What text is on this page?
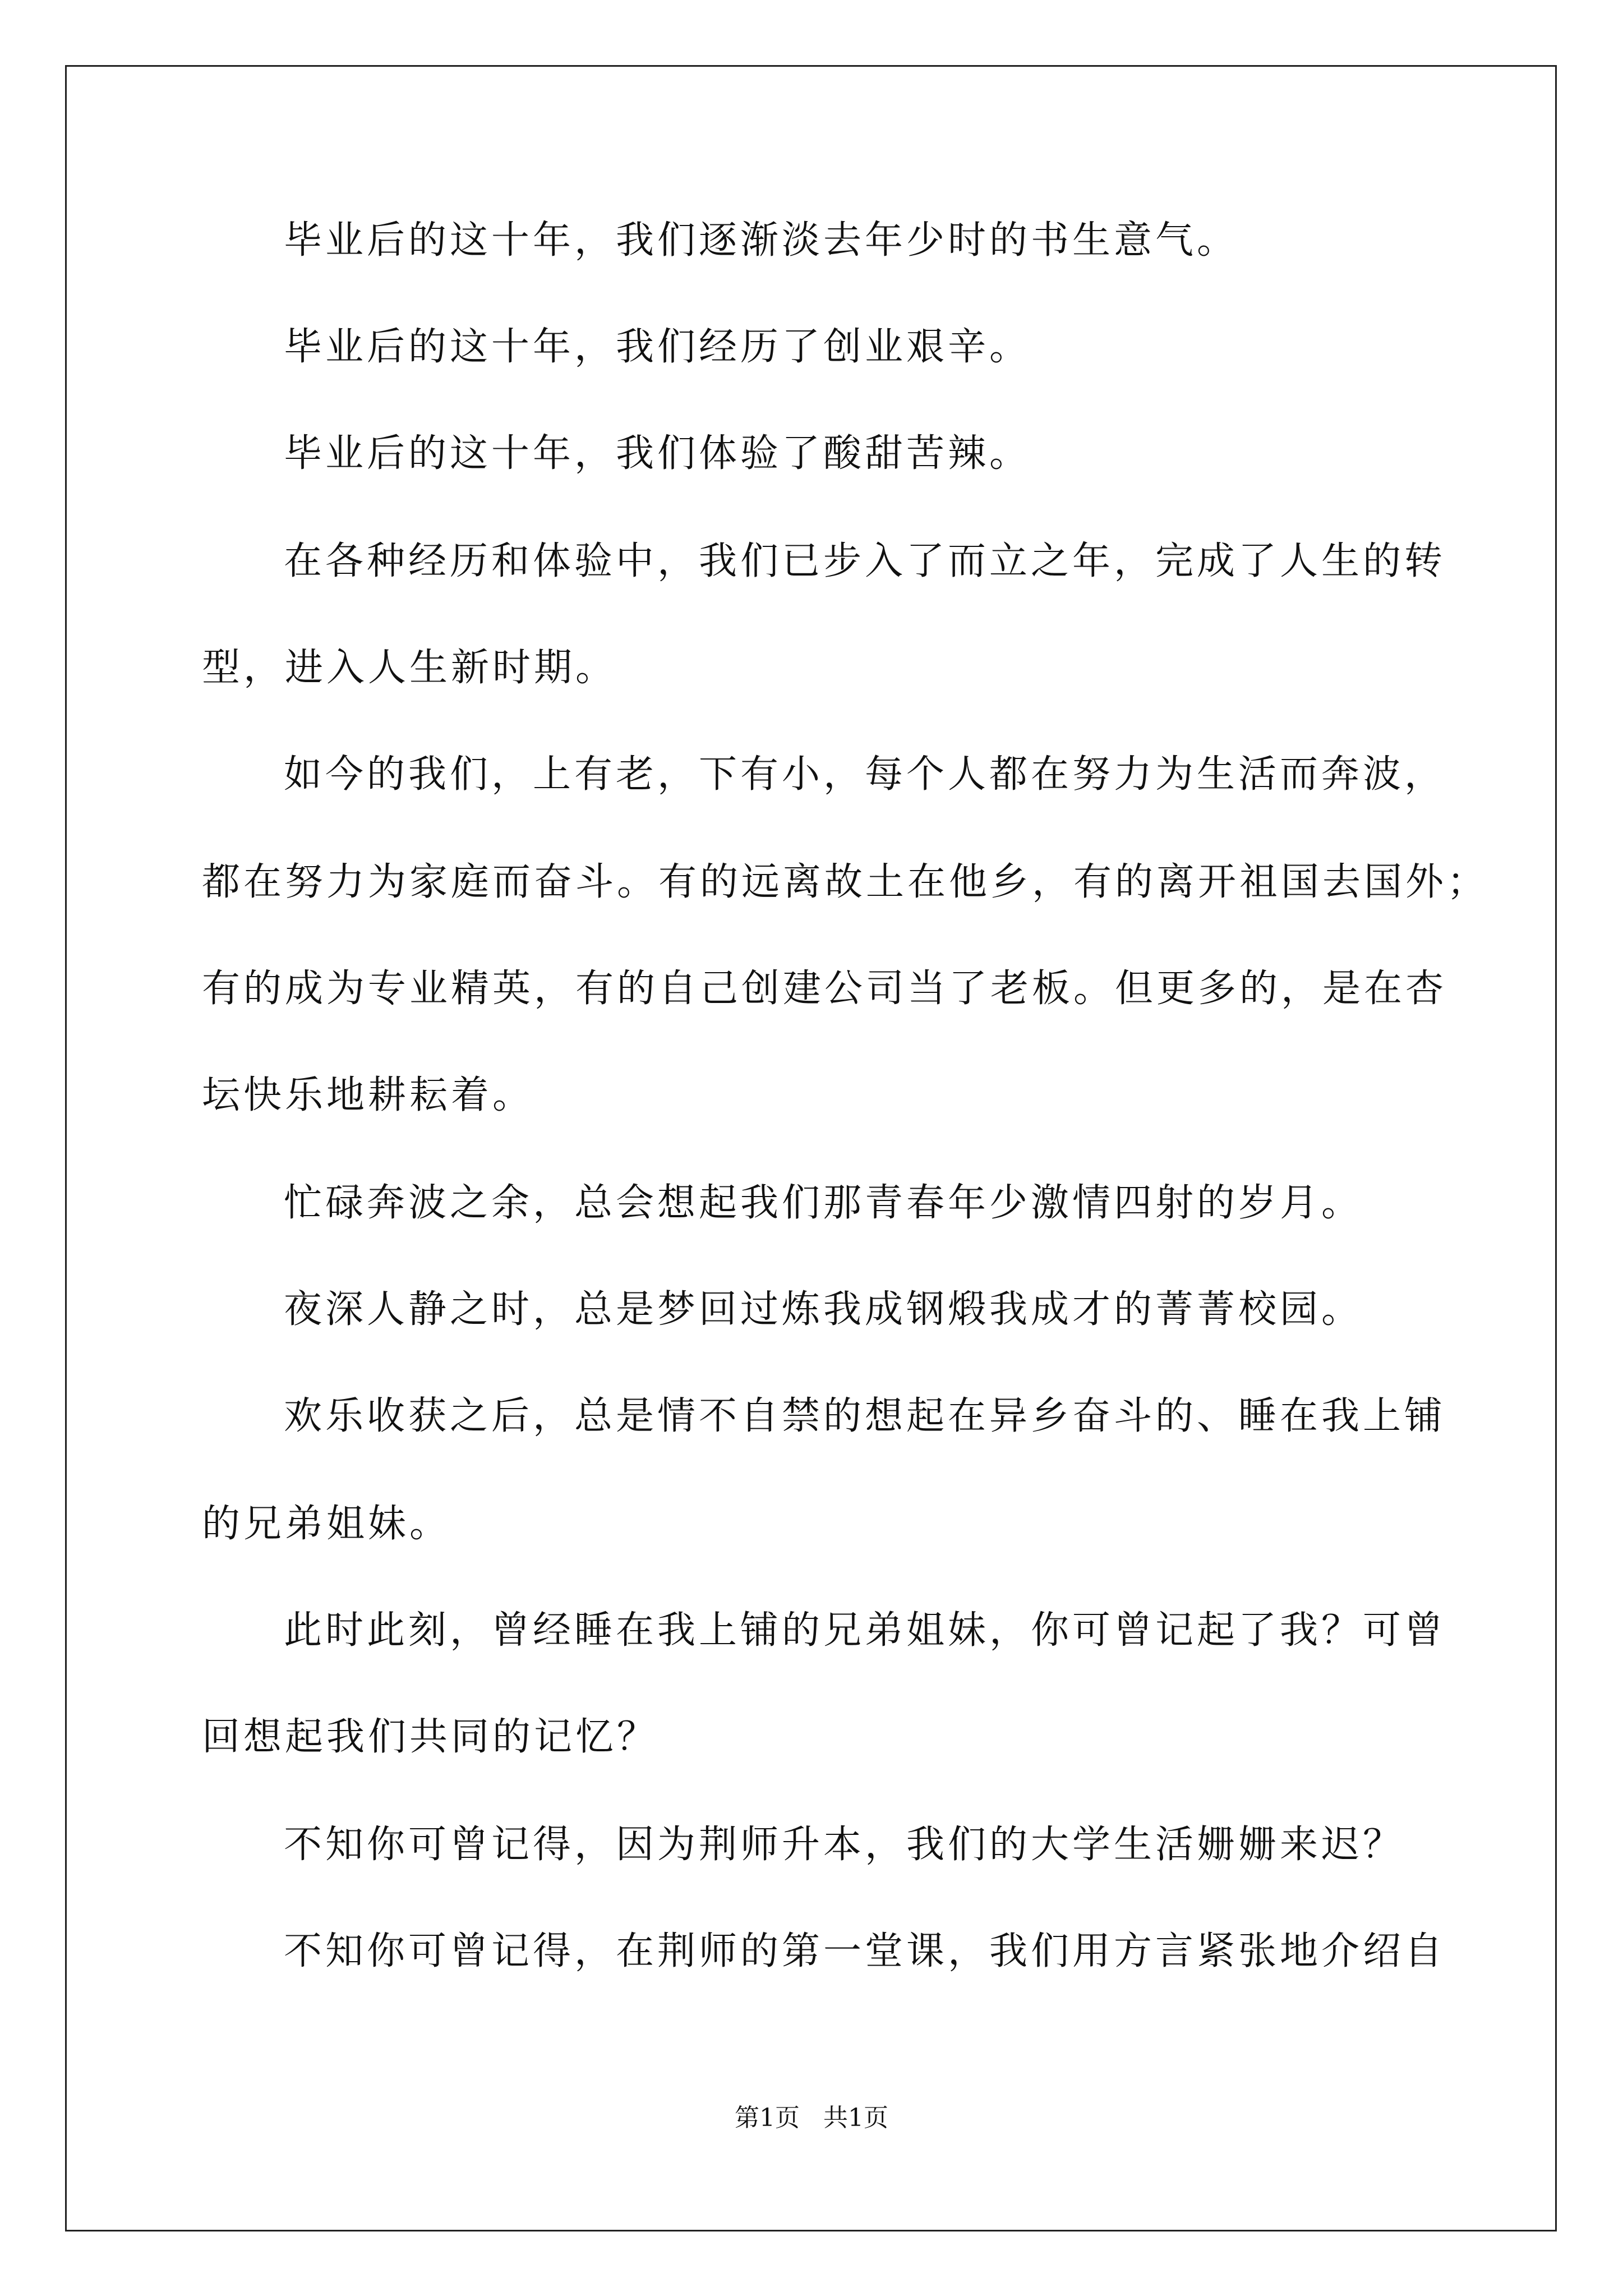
毕业后的这十年，我们逐渐淡去年少时的书生意气。
毕业后的这十年，我们经历了创业艰辛。
毕业后的这十年，我们体验了酸甜苦辣。
在各种经历和体验中，我们已步入了而立之年，完成了人生的转
型，进入人生新时期。
如今的我们，上有老，下有小，每个人都在努力为生活而奔波，
都在努力为家庭而奋斗。有的远离故土在他乡，有的离开祖国去国外；
有的成为专业精英，有的自己创建公司当了老板。但更多的，是在杏
坛快乐地耕耘着。
忙碌奔波之余，总会想起我们那青春年少激情四射的岁月。
夜深人静之时，总是梦回过炼我成钢煅我成才的菁菁校园。
欢乐收获之后，总是情不自禁的想起在异乡奋斗的、睡在我上铺
的兄弟姐妹。
此时此刻，曾经睡在我上铺的兄弟姐妹，你可曾记起了我？可曾
回想起我们共同的记忆？
不知你可曾记得，因为荆师升本，我们的大学生活姗姗来迟？
不知你可曾记得，在荆师的第一堂课，我们用方言紧张地介绍自
第1页 共1页
